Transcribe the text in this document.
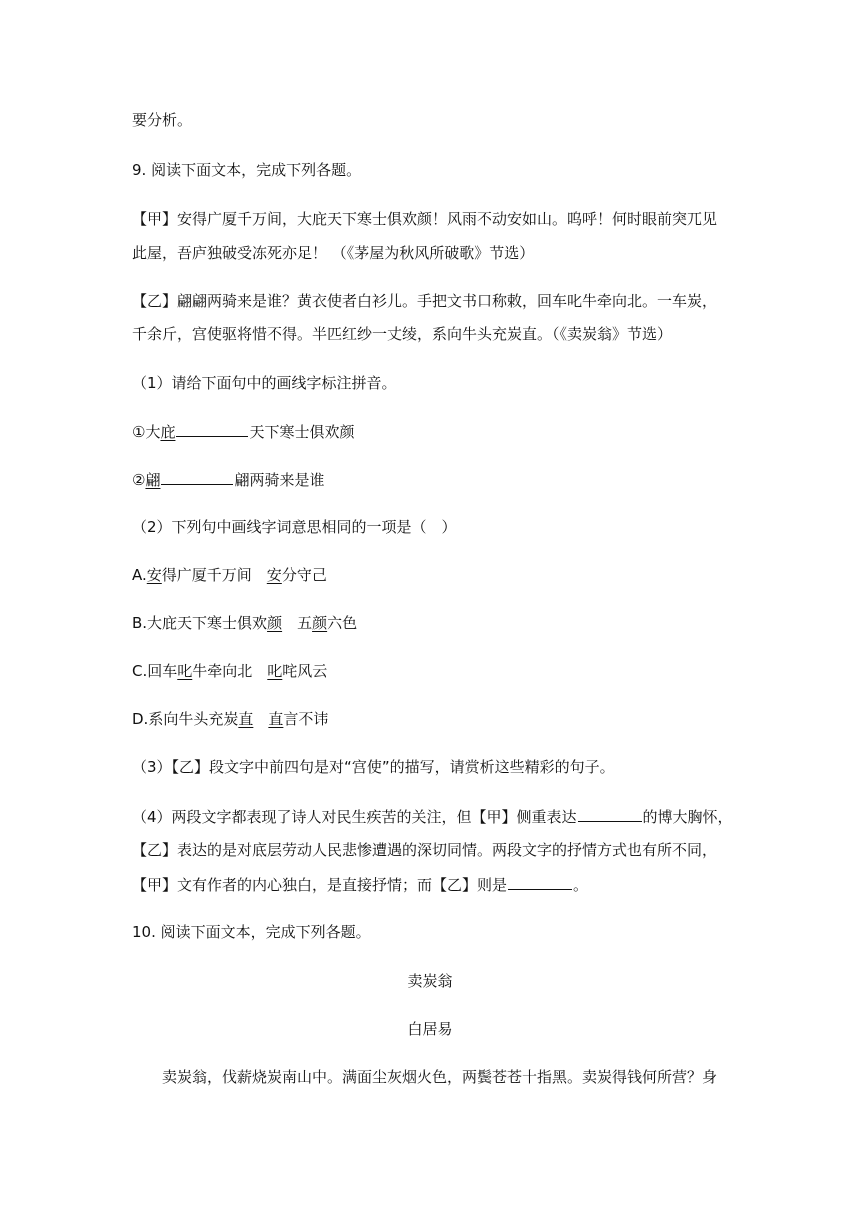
要分析。
9. 阅读下面文本，完成下列各题。
【甲】安得广厦千万间，大庇天下寒士俱欢颜！风雨不动安如山。呜呼！何时眼前突兀见
此屋，吾庐独破受冻死亦足！ （《茅屋为秋风所破歌》节选）
【乙】翩翩两骑来是谁？黄衣使者白衫儿。手把文书口称敕，回车叱牛牵向北。一车炭，
千余斤，宫使驱将惜不得。半匹红纱一丈绫，系向牛头充炭直。（《卖炭翁》节选）
（1）请给下面句中的画线字标注拼音。
①大庇	天下寒士俱欢颜
②翩	翩两骑来是谁
（2）下列句中画线字词意思相同的一项是（　）
A.安得广厦千万间　安分守己
B.大庇天下寒士俱欢颜　五颜六色
C.回车叱牛牵向北　叱咤风云
D.系向牛头充炭直　 直言不讳
（3）【乙】段文字中前四句是对“宫使”的描写，请赏析这些精彩的句子。
（4）两段文字都表现了诗人对民生疾苦的关注，但【甲】侧重表达	的博大胸怀，
【乙】表达的是对底层劳动人民悲惨遭遇的深切同情。两段文字的抒情方式也有所不同，
【甲】文有作者的内心独白，是直接抒情；而【乙】则是	。
10. 阅读下面文本，完成下列各题。
卖炭翁
白居易
卖炭翁，伐薪烧炭南山中。满面尘灰烟火色，两鬓苍苍十指黑。卖炭得钱何所营？身
